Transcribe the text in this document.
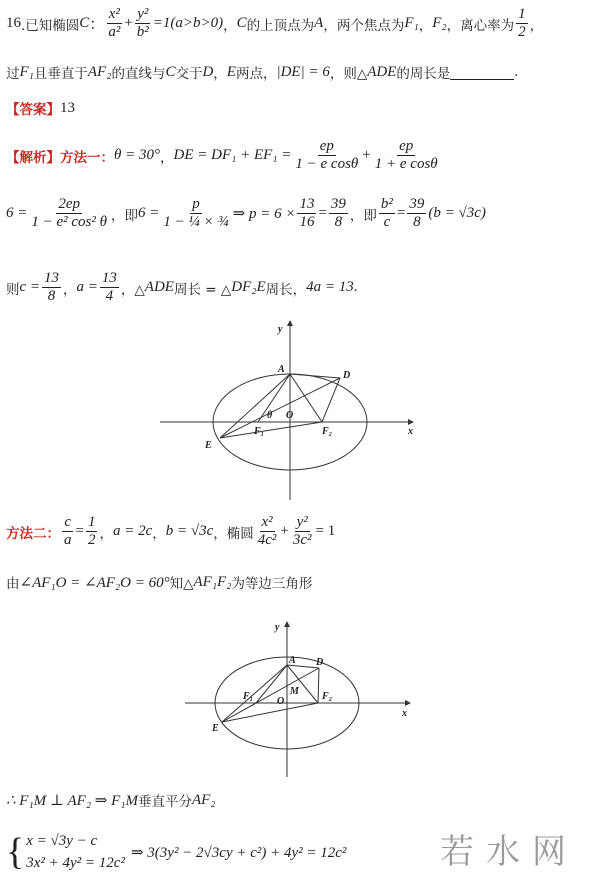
16 .已知椭圆 C ： $\frac{\text{x²}}{\text{a²}} + \frac{\text{y²}}{\text{b²}} =1(a>b>0)$ ， C 的上顶点为 A ，两个焦点为 F₁ ， F₂ ，离心率为 $\frac{1}{2}$ ，
过 F₁ 且垂直于 AF₂ 的直线与 C 交于 D ， E 两点， |DE| = 6 ，则△ ADE 的周长是	.
【答案】 13
【解析】方法一： θ = 30° ， DE = $DF_1 + EF_1 = \frac{ep}{\text{1 − e cosθ}} + \frac{ep}{\text{1 + e cosθ}}$
$6 = \frac{2ep}{\text{1 − e² cos² θ}}$ ，即 $6 = \frac{p}{\text{1 − ¼ × ¾}}$ ⇒ $p = 6 \times \frac{13}{16} = \frac{39}{8}$ ，即 $\frac{\text{b²}}{c} = \frac{39}{8} (b = √3c)$
则 $c = \frac{13}{8}$ ， $a = \frac{13}{4}$ ，△ ADE 周长 = △ DF₂E 周长， 4a = 13 .
y
x
A
D
O
θ
F₁	F₂
E
方法二： $\frac{c}{a} = \frac{1}{2}$ ， a = 2c ， b = √3c ，椭圆 $\frac{\text{x²}}{\text{4c²}} + \frac{\text{y²}}{\text{3c²}} = 1$
由 ∠AF₁O = ∠AF₂O = 60° 知△ AF₁F₂ 为等边三角形
y
x
A D
M
O
F₁	F₂
E
∴ F₁M ⊥ AF₂ ⇒ F₁M 垂直平分 AF₂
{ x = √3y − c
3x² + 4y² = 12c²
⇒ 3(3y² − 2√3cy + c²) + 4y² = 12c²	若水网
